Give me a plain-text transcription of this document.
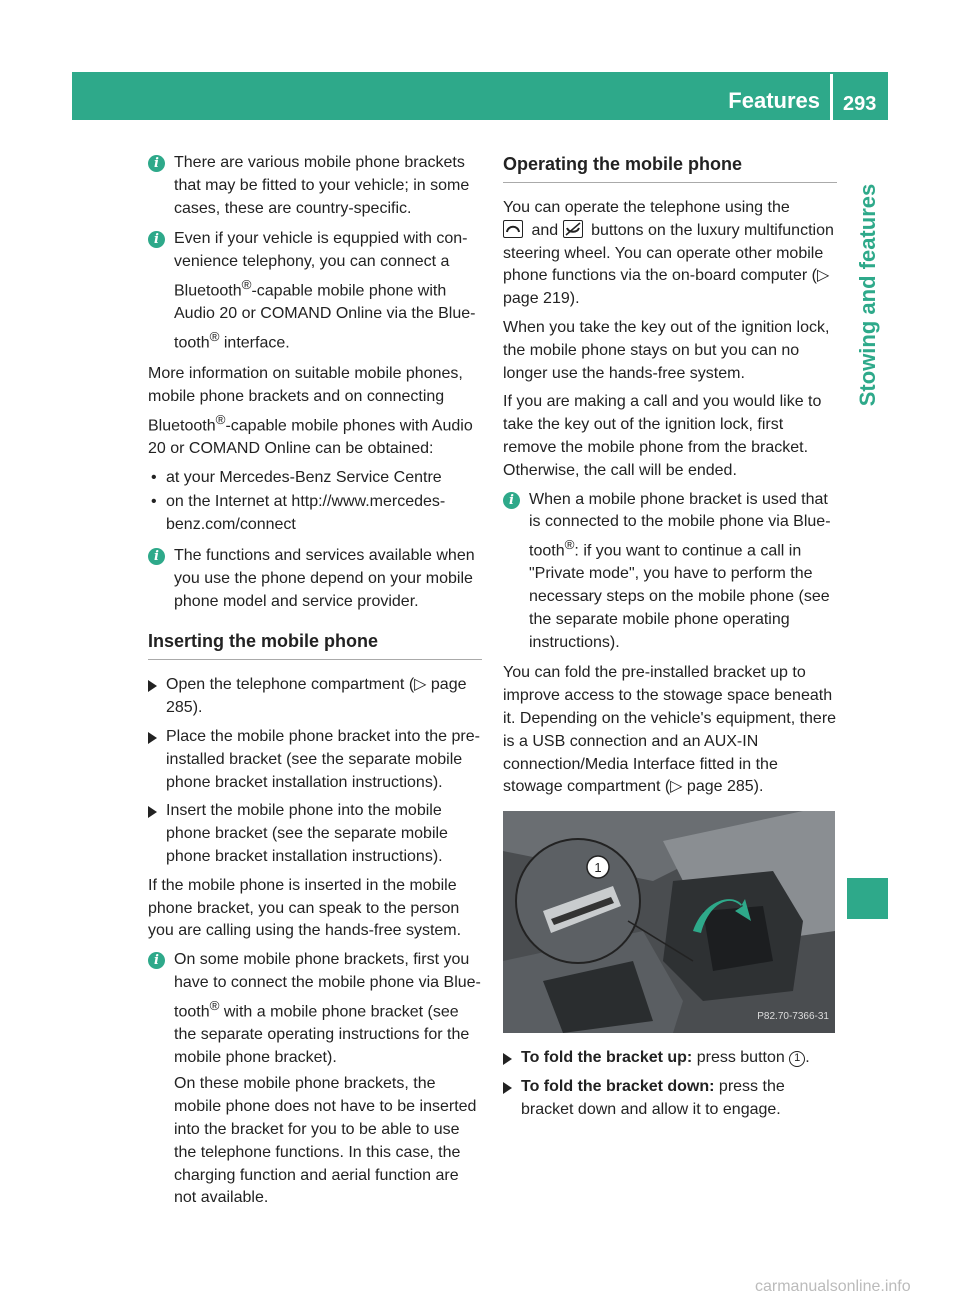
Features 293
Stowing and features
i There are various mobile phone brackets that may be fitted to your vehicle; in some cases, these are country-specific.

i Even if your vehicle is equppied with convenience telephony, you can connect a Bluetooth®-capable mobile phone with Audio 20 or COMAND Online via the Bluetooth® interface.

More information on suitable mobile phones, mobile phone brackets and on connecting Bluetooth®-capable mobile phones with Audio 20 or COMAND Online can be obtained:

• at your Mercedes-Benz Service Centre
• on the Internet at http://www.mercedes-benz.com/connect
i The functions and services available when you use the phone depend on your mobile phone model and service provider.

Inserting the mobile phone
Open the telephone compartment (▷ page 285).
Place the mobile phone bracket into the pre-installed bracket (see the separate mobile phone bracket installation instructions).
Insert the mobile phone into the mobile phone bracket (see the separate mobile phone bracket installation instructions).

If the mobile phone is inserted in the mobile phone bracket, you can speak to the person you are calling using the hands-free system.

i On some mobile phone brackets, first you have to connect the mobile phone via Bluetooth® with a mobile phone bracket (see the separate operating instructions for the mobile phone bracket).

On these mobile phone brackets, the mobile phone does not have to be inserted into the bracket for you to be able to use the telephone functions. In this case, the charging function and aerial function are not available.

Operating the mobile phone

You can operate the telephone using the

and buttons on the luxury multifunction steering wheel. You can operate other mobile phone functions via the on-board computer (▷ page 219).

When you take the key out of the ignition lock, the mobile phone stays on but you can no longer use the hands-free system.

If you are making a call and you would like to take the key out of the ignition lock, first remove the mobile phone from the bracket. Otherwise, the call will be ended.

i When a mobile phone bracket is used that is connected to the mobile phone via Bluetooth®: if you want to continue a call in "Private mode", you have to perform the necessary steps on the mobile phone (see the separate mobile phone operating instructions).

You can fold the pre-installed bracket up to improve access to the stowage space beneath it. Depending on the vehicle's equipment, there is a USB connection and an AUX-IN connection/Media Interface fitted in the stowage compartment (▷ page 285).

1
P82.70-7366-31
To fold the bracket up: press button 1 .
To fold the bracket down: press the bracket down and allow it to engage.
carmanualsonline.info
